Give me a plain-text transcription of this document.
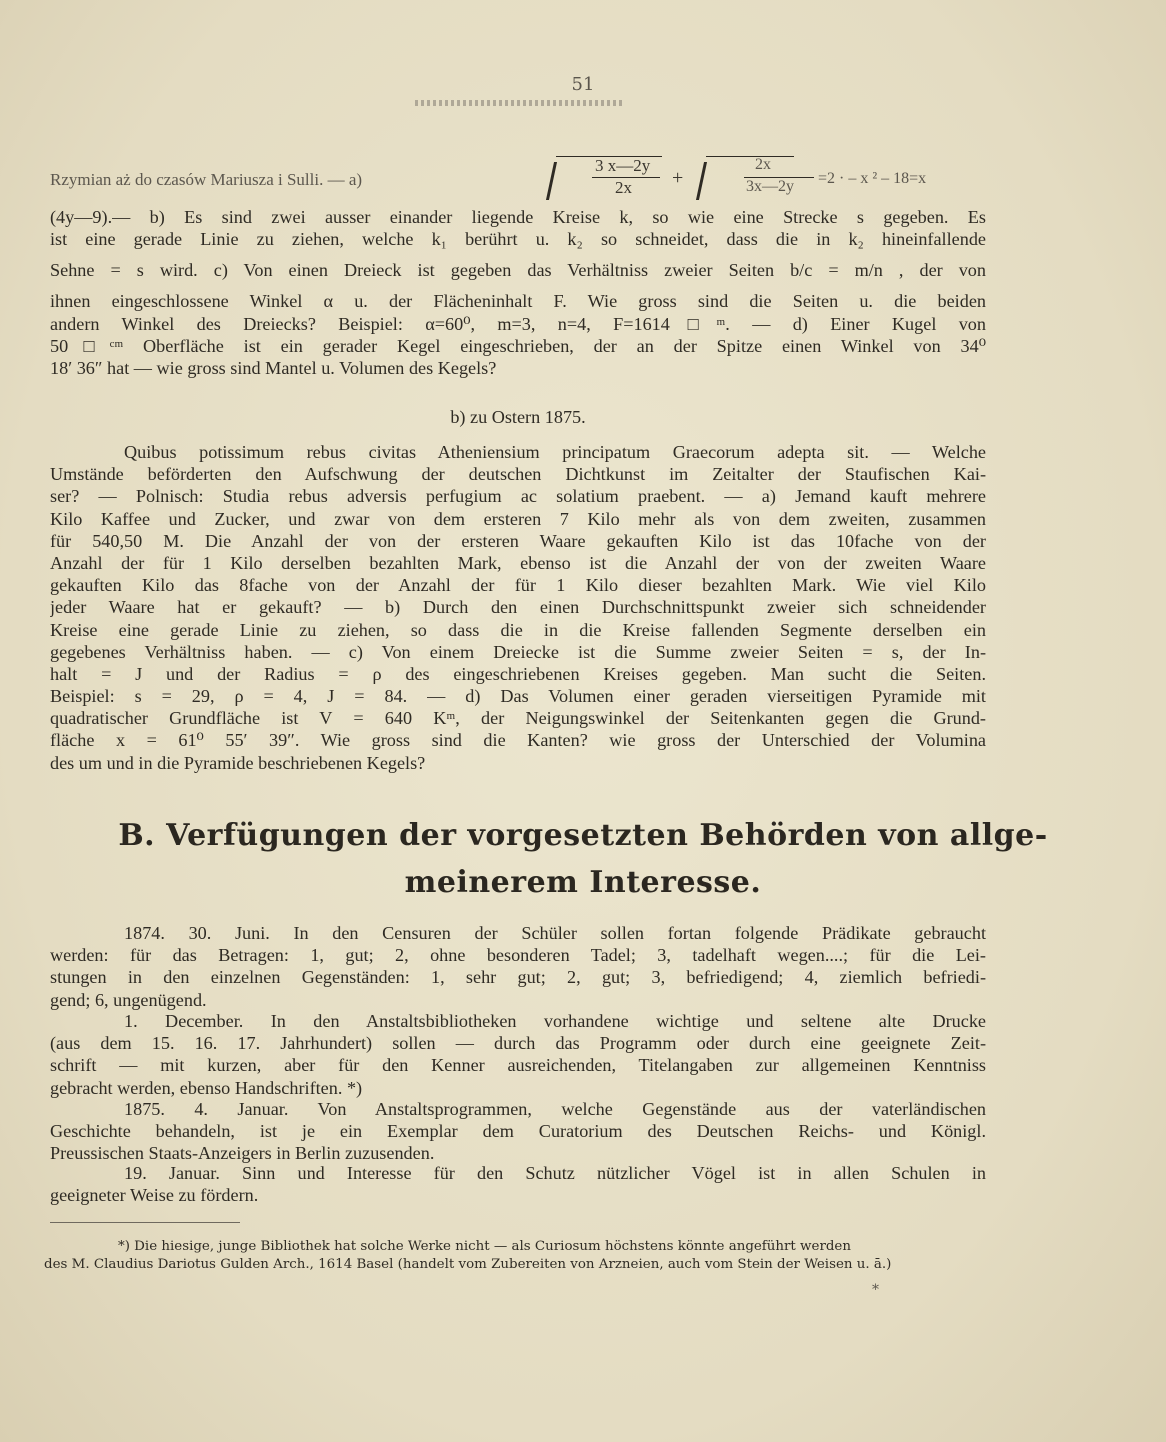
51
Rzymian aż do czasów Mariusza i Sulli. — a)
3 x—2y
2x +
2x
3x—2y =2 · – x ² – 18=x
(4y—9).— b) Es sind zwei ausser einander liegende Kreise k, so wie eine Strecke s gegeben. Es
ist eine gerade Linie zu ziehen, welche k₁ berührt u. k₂ so schneidet, dass die in k₂ hineinfallende
Sehne = s wird. c) Von einen Dreieck ist gegeben das Verhältniss zweier Seiten b/c = m/n , der von
ihnen eingeschlossene Winkel α u. der Flächeninhalt F. Wie gross sind die Seiten u. die beiden
andern Winkel des Dreiecks? Beispiel: α=60⁰, m=3, n=4, F=1614□ᵐ. — d) Einer Kugel von
50□ᶜᵐ Oberfläche ist ein gerader Kegel eingeschrieben, der an der Spitze einen Winkel von 34⁰
18′ 36″ hat — wie gross sind Mantel u. Volumen des Kegels?
b) zu Ostern 1875.
Quibus potissimum rebus civitas Atheniensium principatum Graecorum adepta sit. — Welche
Umstände beförderten den Aufschwung der deutschen Dichtkunst im Zeitalter der Staufischen Kai-
ser? — Polnisch: Studia rebus adversis perfugium ac solatium praebent. — a) Jemand kauft mehrere
Kilo Kaffee und Zucker, und zwar von dem ersteren 7 Kilo mehr als von dem zweiten, zusammen
für 540,50 M. Die Anzahl der von der ersteren Waare gekauften Kilo ist das 10fache von der
Anzahl der für 1 Kilo derselben bezahlten Mark, ebenso ist die Anzahl der von der zweiten Waare
gekauften Kilo das 8fache von der Anzahl der für 1 Kilo dieser bezahlten Mark. Wie viel Kilo
jeder Waare hat er gekauft? — b) Durch den einen Durchschnittspunkt zweier sich schneidender
Kreise eine gerade Linie zu ziehen, so dass die in die Kreise fallenden Segmente derselben ein
gegebenes Verhältniss haben. — c) Von einem Dreiecke ist die Summe zweier Seiten = s, der In-
halt = J und der Radius = ρ des eingeschriebenen Kreises gegeben. Man sucht die Seiten.
Beispiel: s = 29, ρ = 4, J = 84. — d) Das Volumen einer geraden vierseitigen Pyramide mit
quadratischer Grundfläche ist V = 640 Kᵐ, der Neigungswinkel der Seitenkanten gegen die Grund-
fläche x = 61⁰ 55′ 39″. Wie gross sind die Kanten? wie gross der Unterschied der Volumina
des um und in die Pyramide beschriebenen Kegels?
B. Verfügungen der vorgesetzten Behörden von allge-
meinerem Interesse.
1874. 30. Juni. In den Censuren der Schüler sollen fortan folgende Prädikate gebraucht
werden: für das Betragen: 1, gut; 2, ohne besonderen Tadel; 3, tadelhaft wegen....; für die Lei-
stungen in den einzelnen Gegenständen: 1, sehr gut; 2, gut; 3, befriedigend; 4, ziemlich befriedi-
gend; 6, ungenügend.
1. December. In den Anstaltsbibliotheken vorhandene wichtige und seltene alte Drucke
(aus dem 15. 16. 17. Jahrhundert) sollen — durch das Programm oder durch eine geeignete Zeit-
schrift — mit kurzen, aber für den Kenner ausreichenden, Titelangaben zur allgemeinen Kenntniss
gebracht werden, ebenso Handschriften. *)
1875. 4. Januar. Von Anstaltsprogrammen, welche Gegenstände aus der vaterländischen
Geschichte behandeln, ist je ein Exemplar dem Curatorium des Deutschen Reichs- und Königl.
Preussischen Staats-Anzeigers in Berlin zuzusenden.
19. Januar. Sinn und Interesse für den Schutz nützlicher Vögel ist in allen Schulen in
geeigneter Weise zu fördern.
*) Die hiesige, junge Bibliothek hat solche Werke nicht — als Curiosum höchstens könnte angeführt werden
des M. Claudius Dariotus Gulden Arch., 1614 Basel (handelt vom Zubereiten von Arzneien, auch vom Stein der Weisen u. ā.)
*
